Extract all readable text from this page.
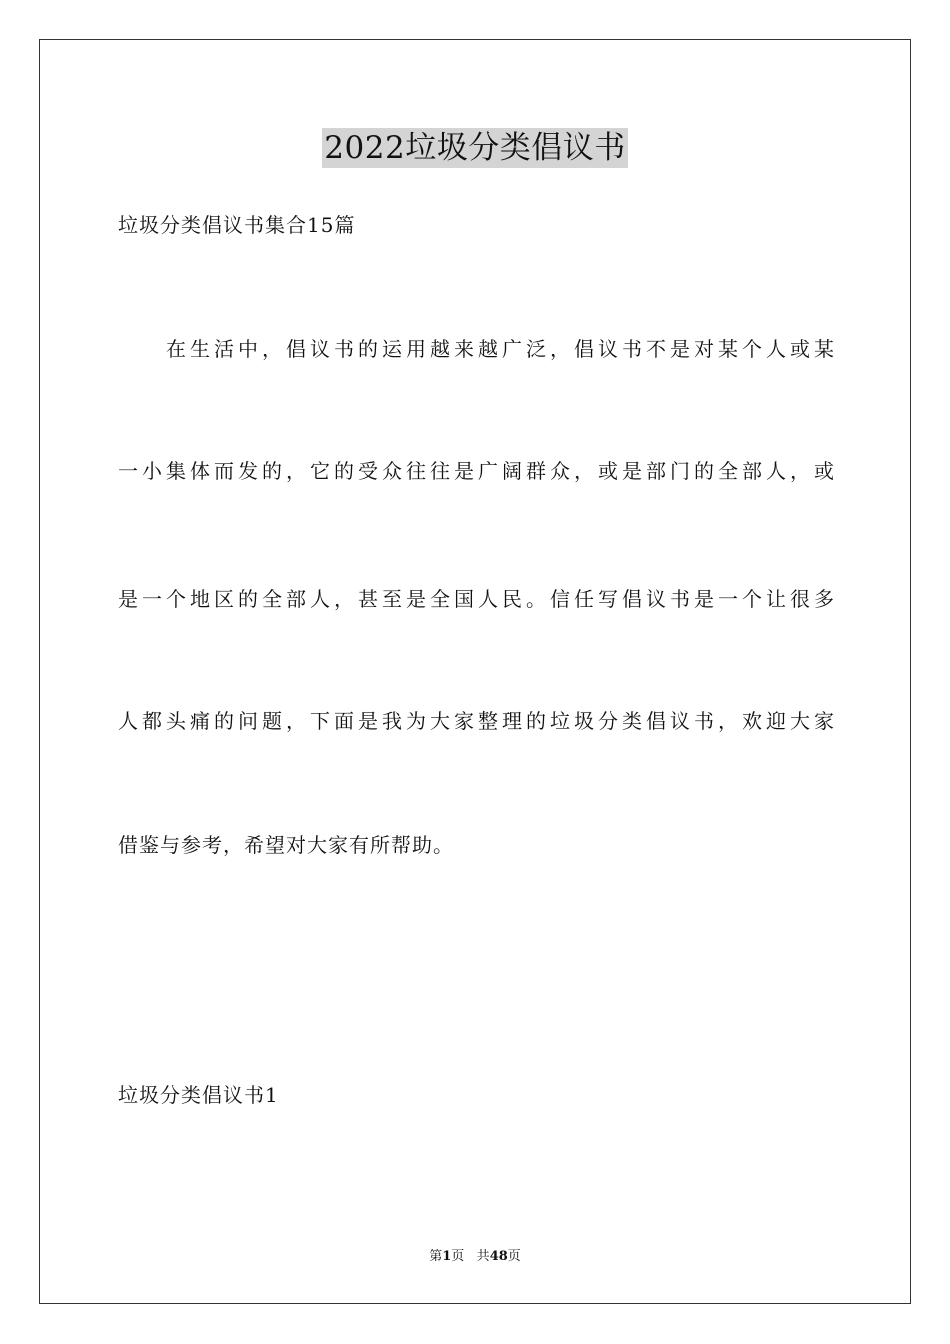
2022垃圾分类倡议书
垃圾分类倡议书集合15篇
在生活中，倡议书的运用越来越广泛，倡议书不是对某个人或某
一小集体而发的，它的受众往往是广阔群众，或是部门的全部人，或
是一个地区的全部人，甚至是全国人民。信任写倡议书是一个让很多
人都头痛的问题，下面是我为大家整理的垃圾分类倡议书，欢迎大家
借鉴与参考，希望对大家有所帮助。
垃圾分类倡议书1
第1页 共48页
